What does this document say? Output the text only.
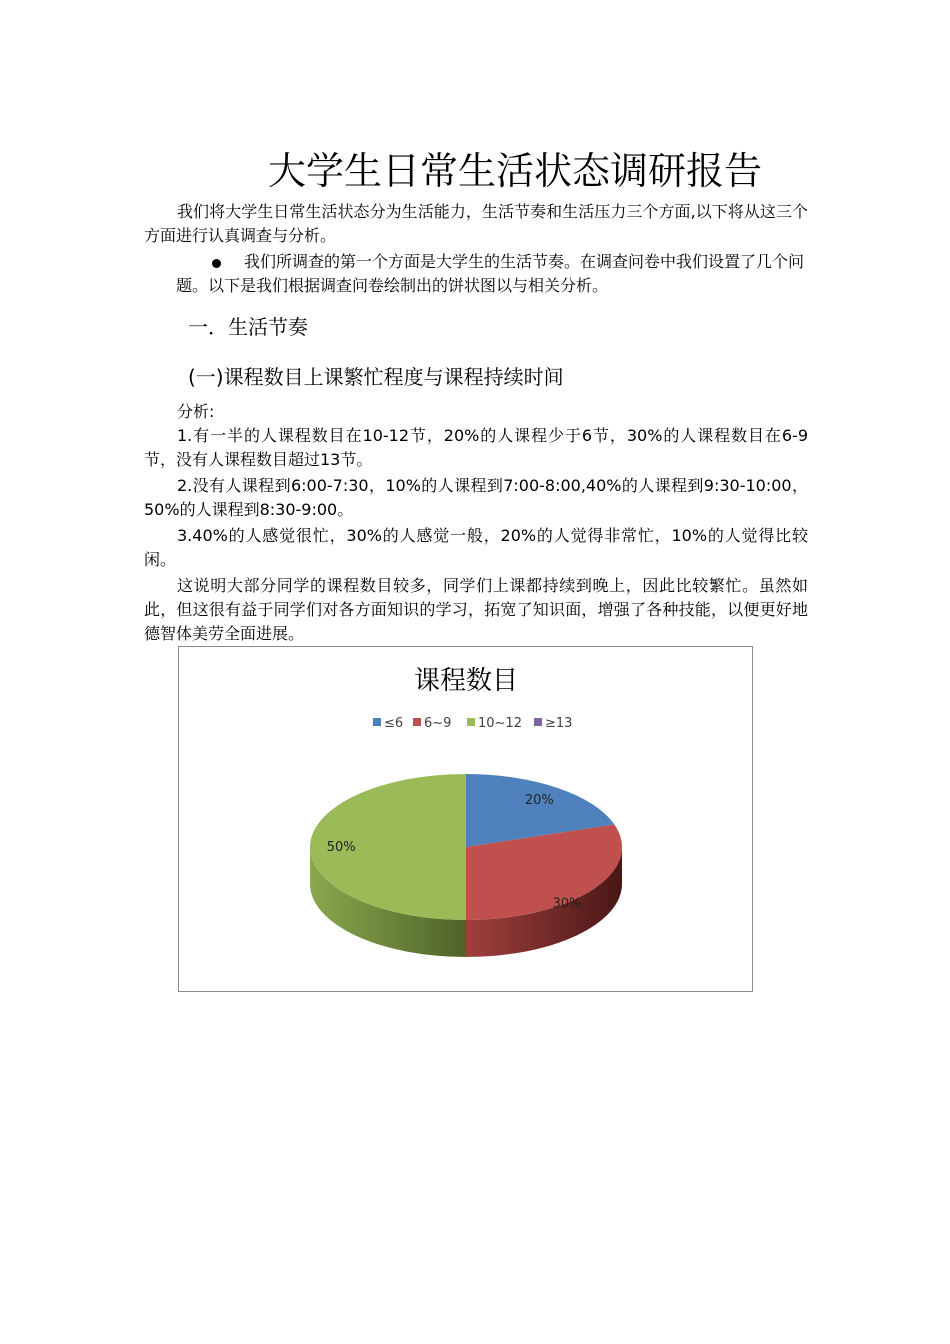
大学生日常生活状态调研报告
我们将大学生日常生活状态分为生活能力，生活节奏和生活压力三个方面,以下将从这三个方面进行认真调查与分析。
我们所调查的第一个方面是大学生的生活节奏。在调查问卷中我们设置了几个问题。以下是我们根据调查问卷绘制出的饼状图以与相关分析。
一．生活节奏
(一)课程数目上课繁忙程度与课程持续时间
分析:
1.有一半的人课程数目在10-12节，20%的人课程少于6节，30%的人课程数目在6-9节，没有人课程数目超过13节。
2.没有人课程到6:00-7:30，10%的人课程到7:00-8:00,40%的人课程到9:30-10:00，50%的人课程到8:30-9:00。
3.40%的人感觉很忙，30%的人感觉一般，20%的人觉得非常忙，10%的人觉得比较闲。
这说明大部分同学的课程数目较多，同学们上课都持续到晚上，因此比较繁忙。虽然如此，但这很有益于同学们对各方面知识的学习，拓宽了知识面，增强了各种技能，以便更好地德智体美劳全面进展。
课程数目
≤6 6~9 10~12 ≥13
20%
30%
50%
